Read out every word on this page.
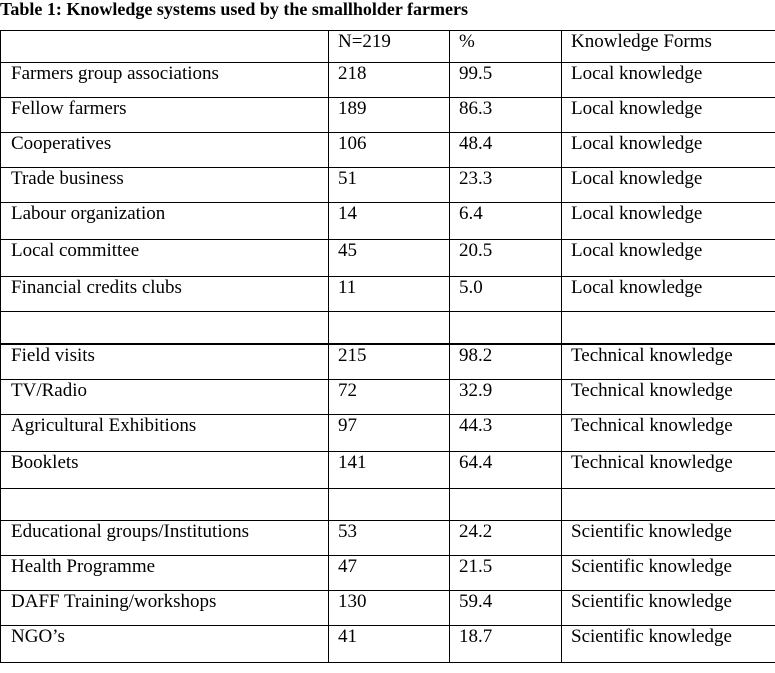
Table 1: Knowledge systems used by the smallholder farmers
	N=219	%	Knowledge Forms
Farmers group associations	218	99.5	Local knowledge
Fellow farmers	189	86.3	Local knowledge
Cooperatives	106	48.4	Local knowledge
Trade business	51	23.3	Local knowledge
Labour organization	14	6.4	Local knowledge
Local committee	45	20.5	Local knowledge
Financial credits clubs	11	5.0	Local knowledge

Field visits	215	98.2	Technical knowledge
TV/Radio	72	32.9	Technical knowledge
Agricultural Exhibitions	97	44.3	Technical knowledge
Booklets	141	64.4	Technical knowledge

Educational groups/Institutions	53	24.2	Scientific knowledge
Health Programme	47	21.5	Scientific knowledge
DAFF Training/workshops	130	59.4	Scientific knowledge
NGO’s	41	18.7	Scientific knowledge
